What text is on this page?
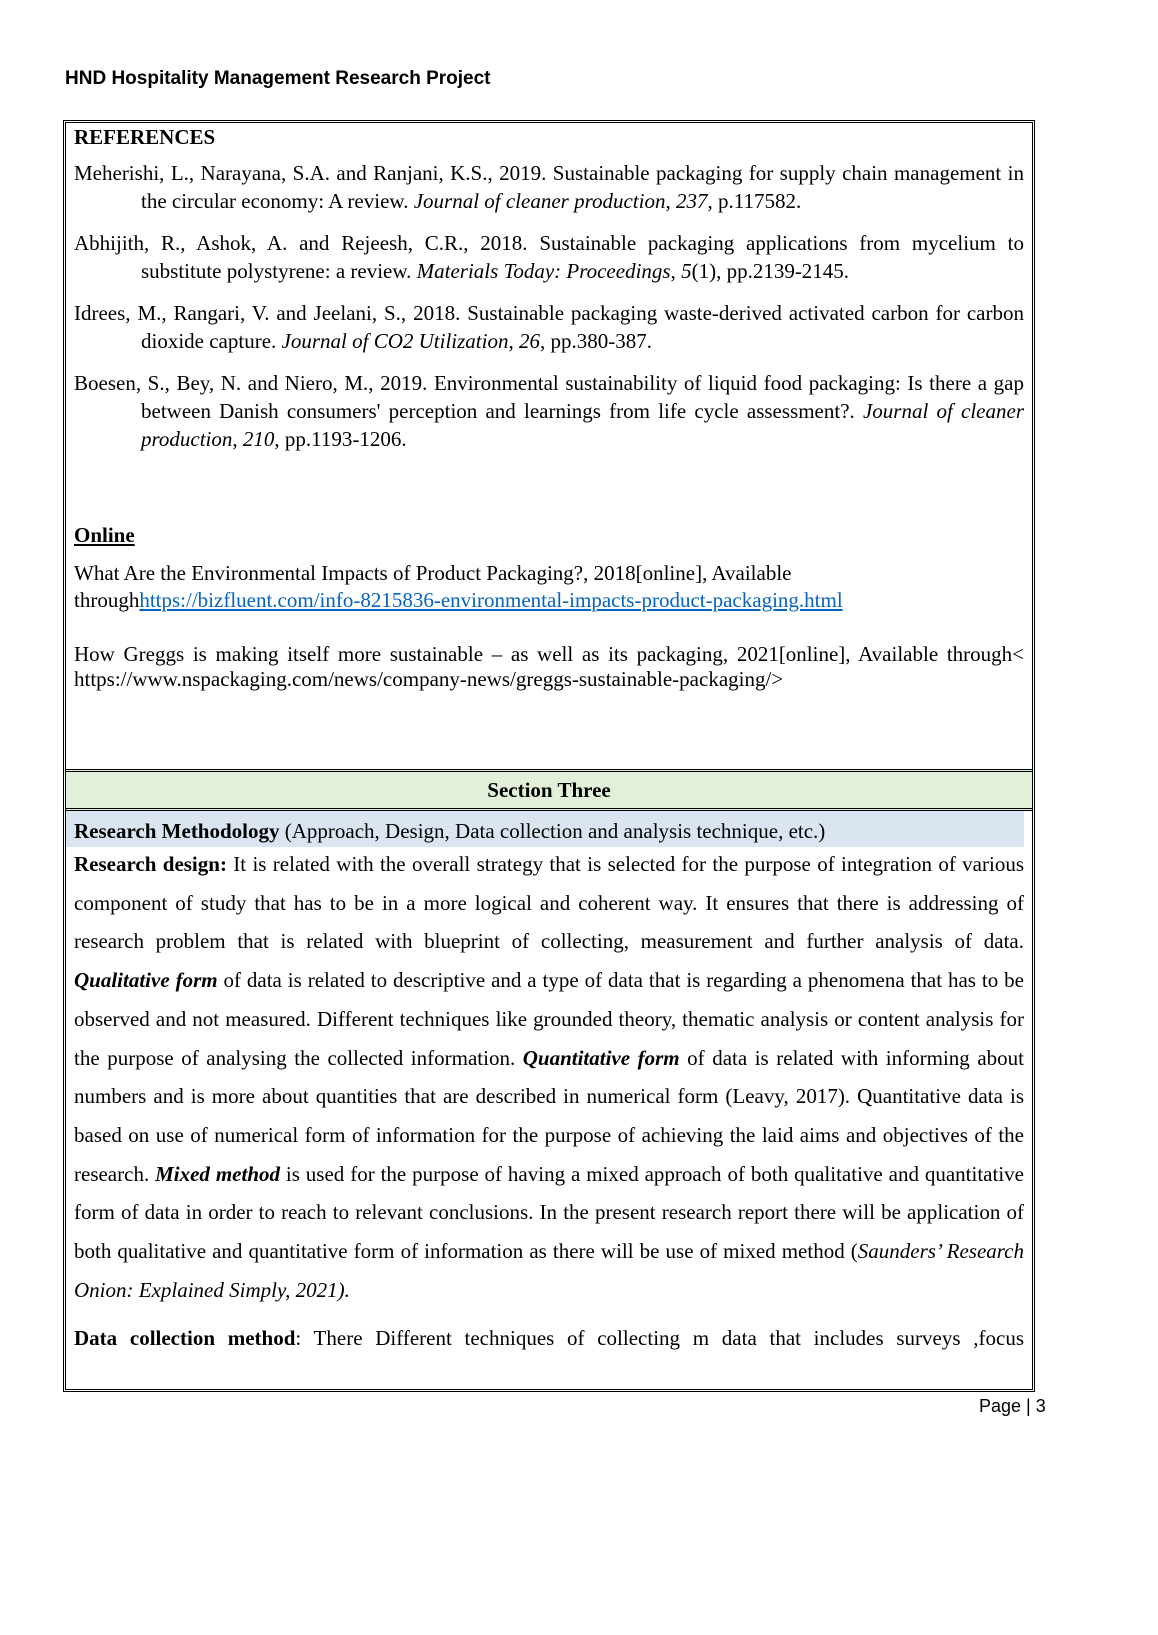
HND Hospitality Management Research Project
REFERENCES
Meherishi, L., Narayana, S.A. and Ranjani, K.S., 2019. Sustainable packaging for supply chain management in the circular economy: A review. Journal of cleaner production, 237, p.117582.
Abhijith, R., Ashok, A. and Rejeesh, C.R., 2018. Sustainable packaging applications from mycelium to substitute polystyrene: a review. Materials Today: Proceedings, 5(1), pp.2139-2145.
Idrees, M., Rangari, V. and Jeelani, S., 2018. Sustainable packaging waste-derived activated carbon for carbon dioxide capture. Journal of CO2 Utilization, 26, pp.380-387.
Boesen, S., Bey, N. and Niero, M., 2019. Environmental sustainability of liquid food packaging: Is there a gap between Danish consumers' perception and learnings from life cycle assessment?. Journal of cleaner production, 210, pp.1193-1206.
Online
What Are the Environmental Impacts of Product Packaging?, 2018[online], Available throughhttps://bizfluent.com/info-8215836-environmental-impacts-product-packaging.html
How Greggs is making itself more sustainable – as well as its packaging, 2021[online], Available through< https://www.nspackaging.com/news/company-news/greggs-sustainable-packaging/>
Section Three
Research Methodology (Approach, Design, Data collection and analysis technique, etc.)
Research design: It is related with the overall strategy that is selected for the purpose of integration of various component of study that has to be in a more logical and coherent way. It ensures that there is addressing of research problem that is related with blueprint of collecting, measurement and further analysis of data. Qualitative form of data is related to descriptive and a type of data that is regarding a phenomena that has to be observed and not measured. Different techniques like grounded theory, thematic analysis or content analysis for the purpose of analysing the collected information. Quantitative form of data is related with informing about numbers and is more about quantities that are described in numerical form (Leavy, 2017). Quantitative data is based on use of numerical form of information for the purpose of achieving the laid aims and objectives of the research. Mixed method is used for the purpose of having a mixed approach of both qualitative and quantitative form of data in order to reach to relevant conclusions. In the present research report there will be application of both qualitative and quantitative form of information as there will be use of mixed method (Saunders’ Research Onion: Explained Simply, 2021).
Data collection method: There Different techniques of collecting m data that includes surveys ,focus
Page | 3
